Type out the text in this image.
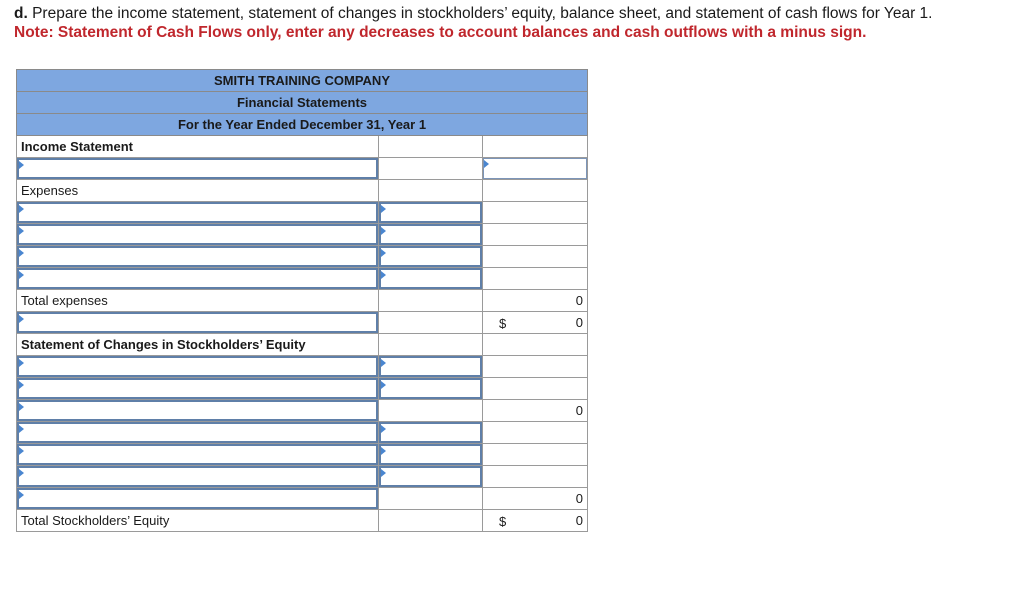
d. Prepare the income statement, statement of changes in stockholders’ equity, balance sheet, and statement of cash flows for Year 1.
Note: Statement of Cash Flows only, enter any decreases to account balances and cash outflows with a minus sign.
SMITH TRAINING COMPANY		
Financial Statements		
For the Year Ended December 31, Year 1		
Income Statement		

Expenses		

Total expenses		0

		$ 0
Statement of Changes in Stockholders’ Equity		

		0

		0
Total Stockholders’ Equity		$ 0
